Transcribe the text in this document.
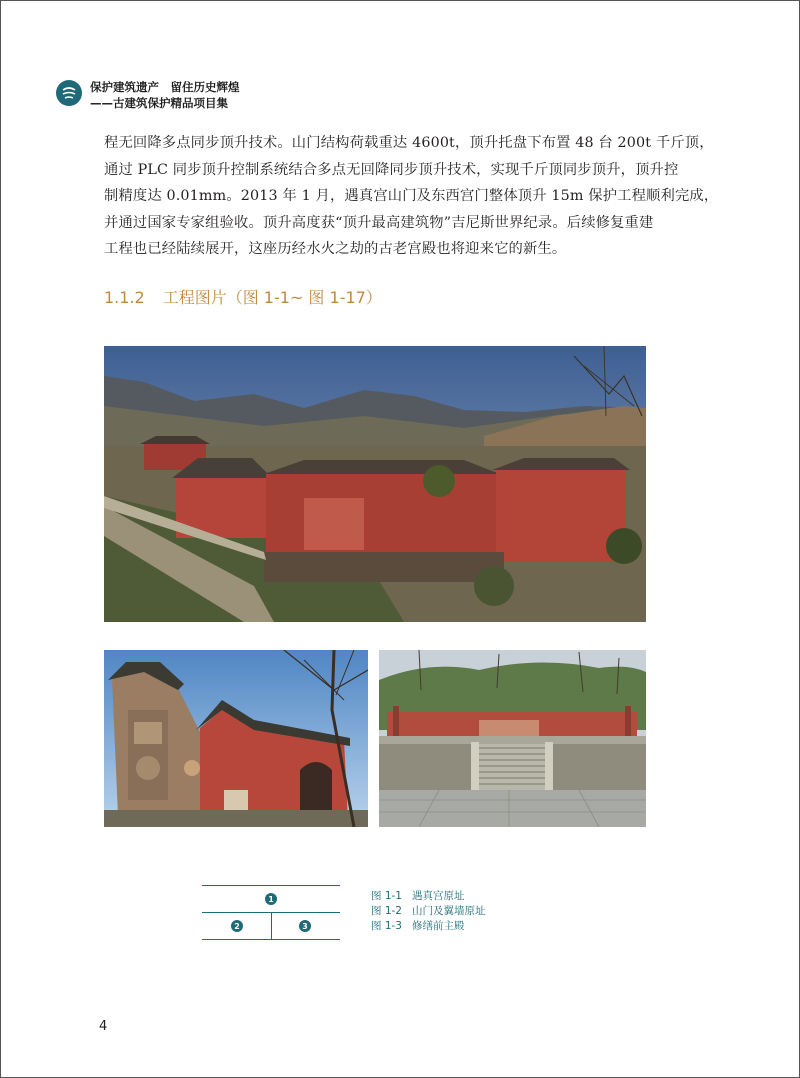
保护建筑遗产　留住历史辉煌
——古建筑保护精品项目集

程无回降多点同步顶升技术。山门结构荷载重达 4600t，顶升托盘下布置 48 台 200t 千斤顶，

通过 PLC 同步顶升控制系统结合多点无回降同步顶升技术，实现千斤顶同步顶升，顶升控

制精度达 0.01mm。2013 年 1 月，遇真宫山门及东西宫门整体顶升 15m 保护工程顺利完成，

并通过国家专家组验收。顶升高度获“顶升最高建筑物”吉尼斯世界纪录。后续修复重建

工程也已经陆续展开，这座历经水火之劫的古老宫殿也将迎来它的新生。

1.1.2 工程图片（图 1-1~ 图 1-17）
1
2	3
图 1-1 遇真宫原址
图 1-2 山门及翼墙原址
图 1-3 修缮前主殿
4
